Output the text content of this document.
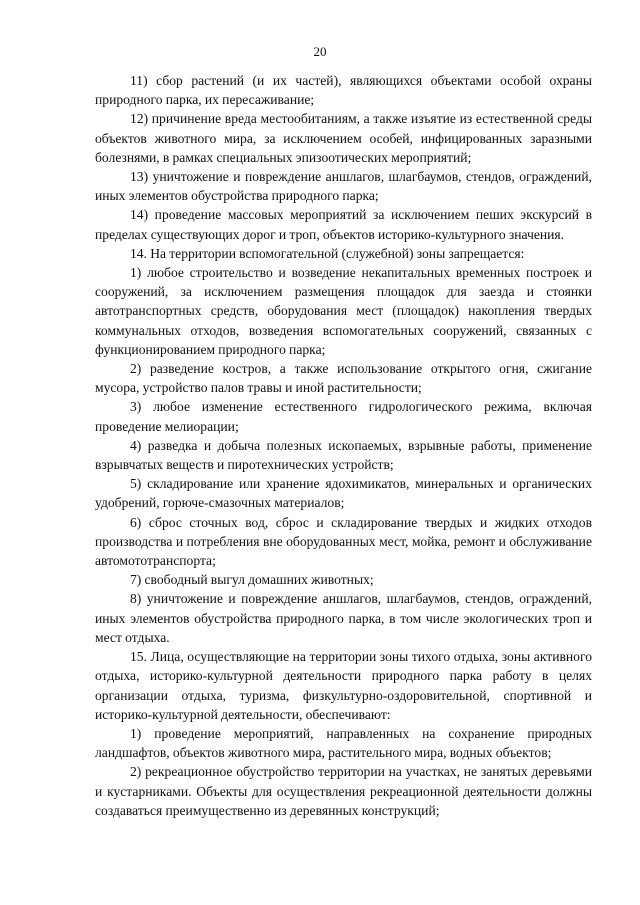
20

11) сбор растений (и их частей), являющихся объектами особой охраны природного парка, их пересаживание;

12) причинение вреда местообитаниям, а также изъятие из естественной среды объектов животного мира, за исключением особей, инфицированных заразными болезнями, в рамках специальных эпизоотических мероприятий;

13) уничтожение и повреждение аншлагов, шлагбаумов, стендов, ограждений, иных элементов обустройства природного парка;

14) проведение массовых мероприятий за исключением пеших экскурсий в пределах существующих дорог и троп, объектов историко-культурного значения.

14. На территории вспомогательной (служебной) зоны запрещается:

1) любое строительство и возведение некапитальных временных построек и сооружений, за исключением размещения площадок для заезда и стоянки автотранспортных средств, оборудования мест (площадок) накопления твердых коммунальных отходов, возведения вспомогательных сооружений, связанных с функционированием природного парка;

2) разведение костров, а также использование открытого огня, сжигание мусора, устройство палов травы и иной растительности;

3) любое изменение естественного гидрологического режима, включая проведение мелиорации;

4) разведка и добыча полезных ископаемых, взрывные работы, применение взрывчатых веществ и пиротехнических устройств;

5) складирование или хранение ядохимикатов, минеральных и органических удобрений, горюче-смазочных материалов;

6) сброс сточных вод, сброс и складирование твердых и жидких отходов производства и потребления вне оборудованных мест, мойка, ремонт и обслуживание автомототранспорта;

7) свободный выгул домашних животных;

8) уничтожение и повреждение аншлагов, шлагбаумов, стендов, ограждений, иных элементов обустройства природного парка, в том числе экологических троп и мест отдыха.

15. Лица, осуществляющие на территории зоны тихого отдыха, зоны активного отдыха, историко-культурной деятельности природного парка работу в целях организации отдыха, туризма, физкультурно-оздоровительной, спортивной и историко-культурной деятельности, обеспечивают:

1) проведение мероприятий, направленных на сохранение природных ландшафтов, объектов животного мира, растительного мира, водных объектов;

2) рекреационное обустройство территории на участках, не занятых деревьями и кустарниками. Объекты для осуществления рекреационной деятельности должны создаваться преимущественно из деревянных конструкций;
